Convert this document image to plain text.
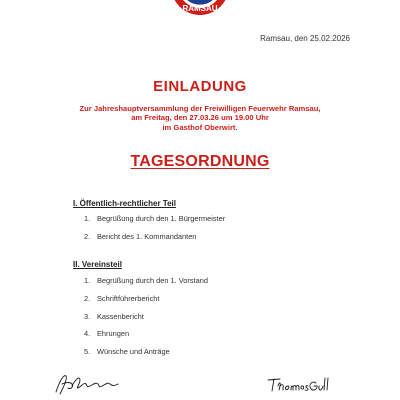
RAMSAU
Ramsau, den 25.02.2026
EINLADUNG
Zur Jahreshauptversammlung der Freiwilligen Feuerwehr Ramsau,
am Freitag, den 27.03.26 um 19.00 Uhr
im Gasthof Oberwirt.
TAGESORDNUNG
I. Öffentlich-rechtlicher Teil
1. Begrüßung durch den 1. Bürgermeister
2. Bericht des 1. Kommandanten
II. Vereinsteil
1. Begrüßung durch den 1. Vorstand
2. Schriftführerbericht
3. Kassenbericht
4. Ehrungen
5. Wünsche und Anträge
